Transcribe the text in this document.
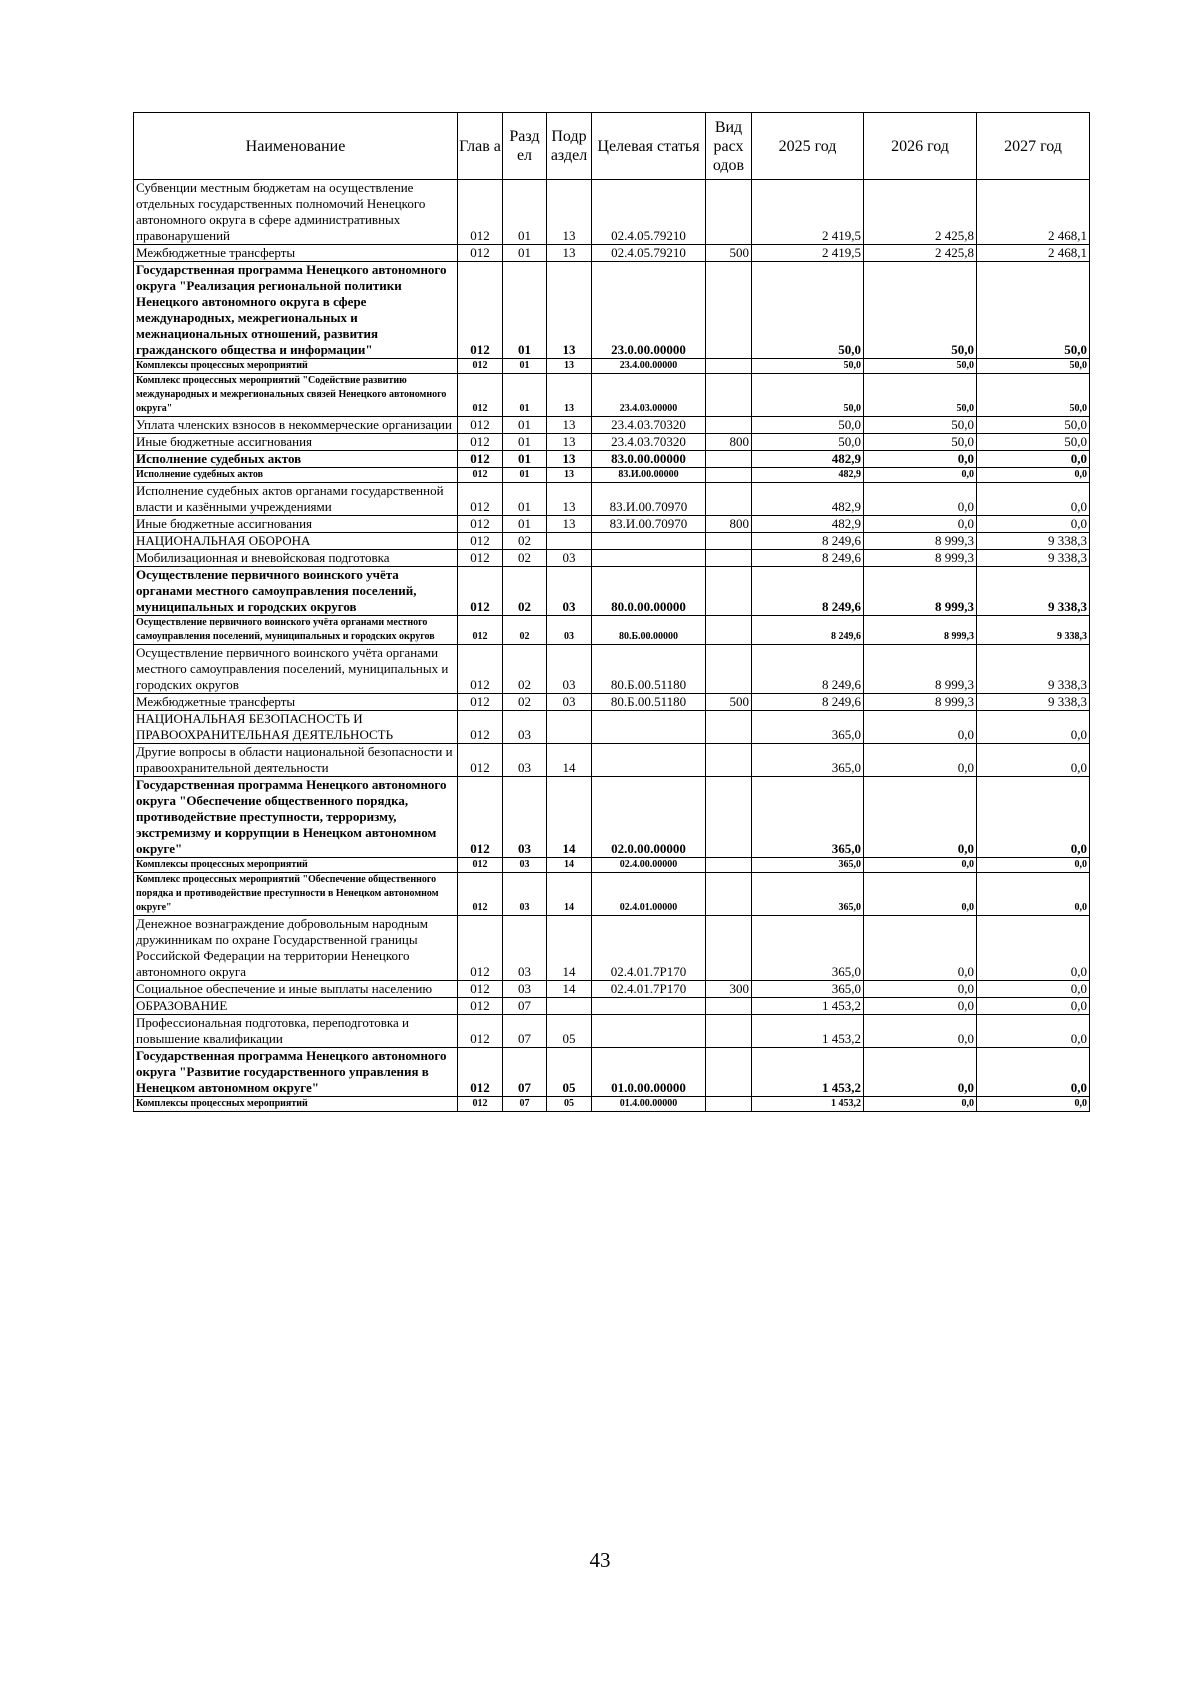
Наименование	Глав а	Разд ел	Подр аздел	Целевая статья	Вид расх одов	2025 год	2026 год	2027 год
Субвенции местным бюджетам на осуществление отдельных государственных полномочий Ненецкого автономного округа в сфере административных правонарушений	012	01	13	02.4.05.79210		2 419,5	2 425,8	2 468,1
Межбюджетные трансферты	012	01	13	02.4.05.79210	500	2 419,5	2 425,8	2 468,1
Государственная программа Ненецкого автономного округа "Реализация региональной политики Ненецкого автономного округа в сфере международных, межрегиональных и межнациональных отношений, развития гражданского общества и информации"	012	01	13	23.0.00.00000		50,0	50,0	50,0
Комплексы процессных мероприятий	012	01	13	23.4.00.00000		50,0	50,0	50,0
Комплекс процессных мероприятий "Содействие развитию международных и межрегиональных связей Ненецкого автономного округа"	012	01	13	23.4.03.00000		50,0	50,0	50,0
Уплата членских взносов в некоммерческие организации	012	01	13	23.4.03.70320		50,0	50,0	50,0
Иные бюджетные ассигнования	012	01	13	23.4.03.70320	800	50,0	50,0	50,0
Исполнение судебных актов	012	01	13	83.0.00.00000		482,9	0,0	0,0
Исполнение судебных актов	012	01	13	83.И.00.00000		482,9	0,0	0,0
Исполнение судебных актов органами государственной власти и казёнными учреждениями	012	01	13	83.И.00.70970		482,9	0,0	0,0
Иные бюджетные ассигнования	012	01	13	83.И.00.70970	800	482,9	0,0	0,0
НАЦИОНАЛЬНАЯ ОБОРОНА	012	02				8 249,6	8 999,3	9 338,3
Мобилизационная и вневойсковая подготовка	012	02	03			8 249,6	8 999,3	9 338,3
Осуществление первичного воинского учёта органами местного самоуправления поселений, муниципальных и городских округов	012	02	03	80.0.00.00000		8 249,6	8 999,3	9 338,3
Осуществление первичного воинского учёта органами местного самоуправления поселений, муниципальных и городских округов	012	02	03	80.Б.00.00000		8 249,6	8 999,3	9 338,3
Осуществление первичного воинского учёта органами местного самоуправления поселений, муниципальных и городских округов	012	02	03	80.Б.00.51180		8 249,6	8 999,3	9 338,3
Межбюджетные трансферты	012	02	03	80.Б.00.51180	500	8 249,6	8 999,3	9 338,3
НАЦИОНАЛЬНАЯ БЕЗОПАСНОСТЬ И ПРАВООХРАНИТЕЛЬНАЯ ДЕЯТЕЛЬНОСТЬ	012	03				365,0	0,0	0,0
Другие вопросы в области национальной безопасности и правоохранительной деятельности	012	03	14			365,0	0,0	0,0
Государственная программа Ненецкого автономного округа "Обеспечение общественного порядка, противодействие преступности, терроризму, экстремизму и коррупции в Ненецком автономном округе"	012	03	14	02.0.00.00000		365,0	0,0	0,0
Комплексы процессных мероприятий	012	03	14	02.4.00.00000		365,0	0,0	0,0
Комплекс процессных мероприятий "Обеспечение общественного порядка и противодействие преступности в Ненецком автономном округе"	012	03	14	02.4.01.00000		365,0	0,0	0,0
Денежное вознаграждение добровольным народным дружинникам по охране Государственной границы Российской Федерации на территории Ненецкого автономного округа	012	03	14	02.4.01.7Р170		365,0	0,0	0,0
Социальное обеспечение и иные выплаты населению	012	03	14	02.4.01.7Р170	300	365,0	0,0	0,0
ОБРАЗОВАНИЕ	012	07				1 453,2	0,0	0,0
Профессиональная подготовка, переподготовка и повышение квалификации	012	07	05			1 453,2	0,0	0,0
Государственная программа Ненецкого автономного округа "Развитие государственного управления в Ненецком автономном округе"	012	07	05	01.0.00.00000		1 453,2	0,0	0,0
Комплексы процессных мероприятий	012	07	05	01.4.00.00000		1 453,2	0,0	0,0
43
